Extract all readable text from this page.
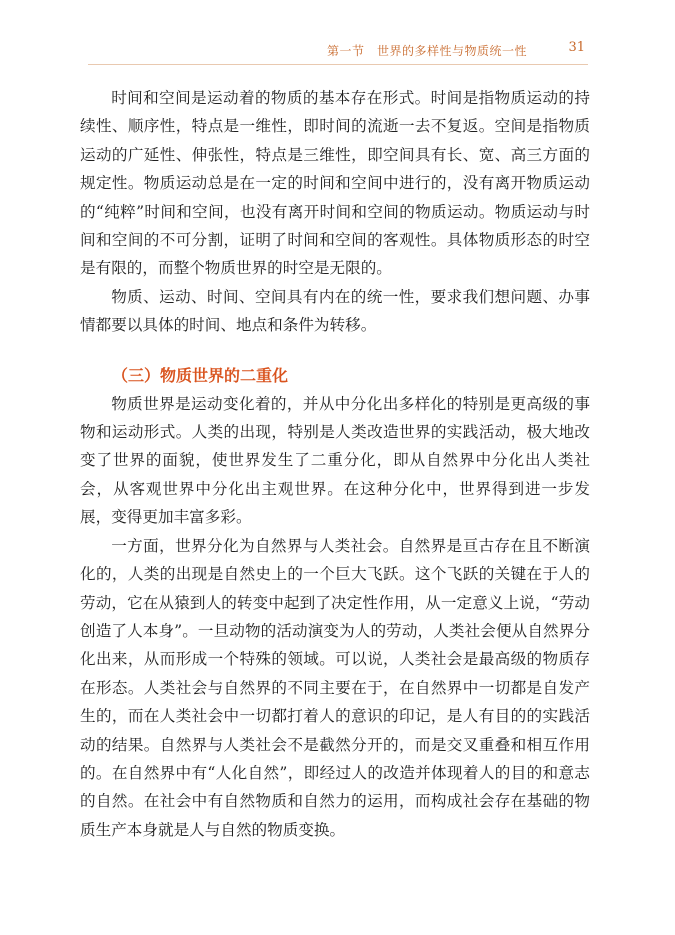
第一节　世界的多样性与物质统一性	31

时间和空间是运动着的物质的基本存在形式。时间是指物质运动的持续性、顺序性，特点是一维性，即时间的流逝一去不复返。空间是指物质运动的广延性、伸张性，特点是三维性，即空间具有长、宽、高三方面的规定性。物质运动总是在一定的时间和空间中进行的，没有离开物质运动的“纯粹”时间和空间，也没有离开时间和空间的物质运动。物质运动与时间和空间的不可分割，证明了时间和空间的客观性。具体物质形态的时空是有限的，而整个物质世界的时空是无限的。

物质、运动、时间、空间具有内在的统一性，要求我们想问题、办事情都要以具体的时间、地点和条件为转移。

（三）物质世界的二重化

物质世界是运动变化着的，并从中分化出多样化的特别是更高级的事物和运动形式。人类的出现，特别是人类改造世界的实践活动，极大地改变了世界的面貌，使世界发生了二重分化，即从自然界中分化出人类社会，从客观世界中分化出主观世界。在这种分化中，世界得到进一步发展，变得更加丰富多彩。

一方面，世界分化为自然界与人类社会。自然界是亘古存在且不断演化的，人类的出现是自然史上的一个巨大飞跃。这个飞跃的关键在于人的劳动，它在从猿到人的转变中起到了决定性作用，从一定意义上说，“劳动创造了人本身”。一旦动物的活动演变为人的劳动，人类社会便从自然界分化出来，从而形成一个特殊的领域。可以说，人类社会是最高级的物质存在形态。人类社会与自然界的不同主要在于，在自然界中一切都是自发产生的，而在人类社会中一切都打着人的意识的印记，是人有目的的实践活动的结果。自然界与人类社会不是截然分开的，而是交叉重叠和相互作用的。在自然界中有“人化自然”，即经过人的改造并体现着人的目的和意志的自然。在社会中有自然物质和自然力的运用，而构成社会存在基础的物质生产本身就是人与自然的物质变换。
